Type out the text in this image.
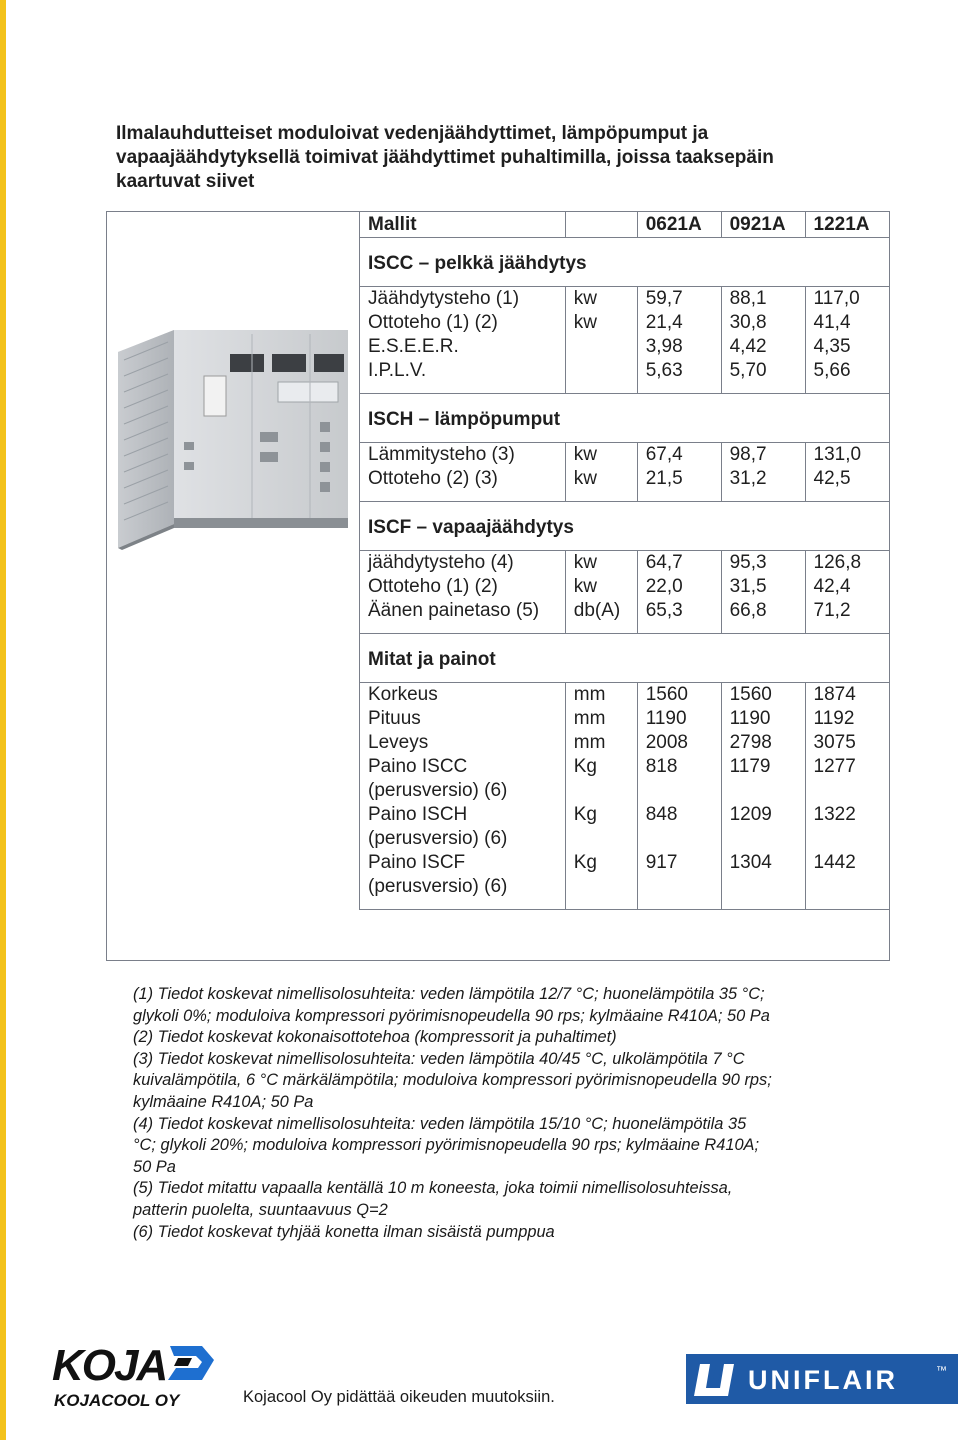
Ilmalauhdutteiset moduloivat vedenjäähdyttimet, lämpöpumput ja vapaajäähdytyksellä toimivat jäähdyttimet puhaltimilla, joissa taaksepäin kaartuvat siivet
Mallit		0621A	0921A	1221A
ISCC – pelkkä jäähdytys				
Jäähdytysteho (1)	kw	59,7	88,1	117,0
Ottoteho (1) (2)	kw	21,4	30,8	41,4
E.S.E.E.R.		3,98	4,42	4,35
I.P.L.V.		5,63	5,70	5,66
ISCH – lämpöpumput				
Lämmitysteho (3)	kw	67,4	98,7	131,0
Ottoteho (2) (3)	kw	21,5	31,2	42,5
ISCF – vapaajäähdytys				
jäähdytysteho (4)	kw	64,7	95,3	126,8
Ottoteho (1) (2)	kw	22,0	31,5	42,4
Äänen painetaso (5)	db(A)	65,3	66,8	71,2
Mitat ja painot				
Korkeus	mm	1560	1560	1874
Pituus	mm	1190	1190	1192
Leveys	mm	2008	2798	3075
Paino ISCC (perusversio) (6)	Kg	818	1179	1277
Paino ISCH (perusversio) (6)	Kg	848	1209	1322
Paino ISCF (perusversio) (6)	Kg	917	1304	1442
(1) Tiedot koskevat nimellisolosuhteita: veden lämpötila 12/7 °C; huonelämpötila 35 °C;
glykoli 0%; moduloiva kompressori pyörimisnopeudella 90 rps; kylmäaine R410A; 50 Pa
(2) Tiedot koskevat kokonaisottotehoa (kompressorit ja puhaltimet)
(3) Tiedot koskevat nimellisolosuhteita: veden lämpötila 40/45 °C, ulkolämpötila 7 °C
kuivalämpötila, 6 °C märkälämpötila; moduloiva kompressori pyörimisnopeudella 90 rps;
kylmäaine R410A; 50 Pa
(4) Tiedot koskevat nimellisolosuhteita: veden lämpötila 15/10 °C; huonelämpötila 35
°C; glykoli 20%; moduloiva kompressori pyörimisnopeudella 90 rps; kylmäaine R410A;
50 Pa
(5) Tiedot mitattu vapaalla kentällä 10 m koneesta, joka toimii nimellisolosuhteissa,
patterin puolelta, suuntaavuus Q=2
(6) Tiedot koskevat tyhjää konetta ilman sisäistä pumppua
KOJA
KOJACOOL OY	Kojacool Oy pidättää oikeuden muutoksiin.
UNIFLAIR	™
